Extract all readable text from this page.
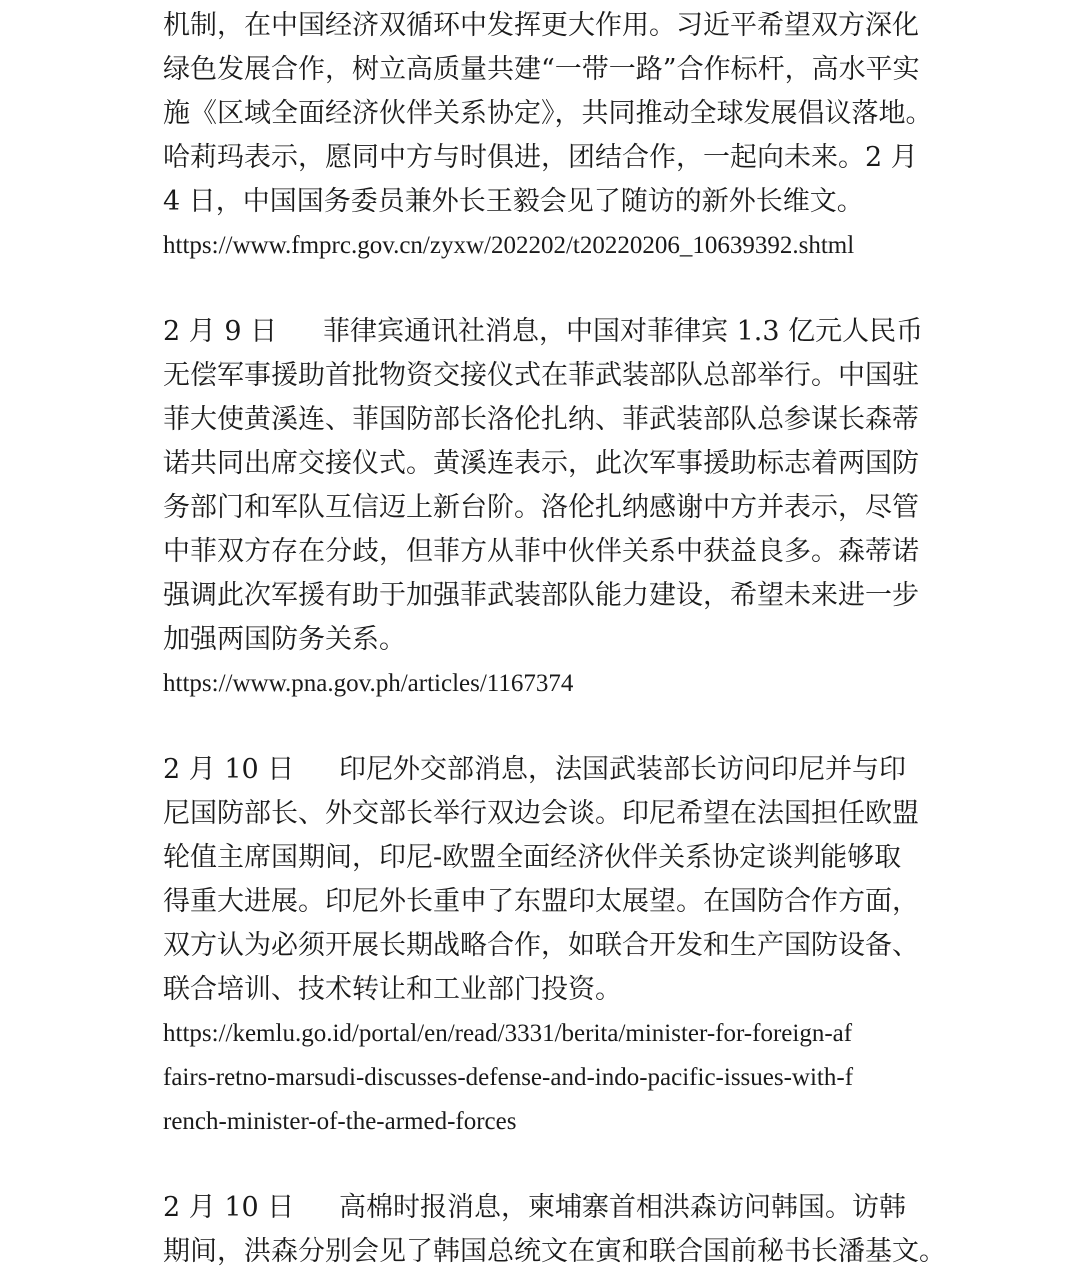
机制，在中国经济双循环中发挥更大作用。习近平希望双方深化
绿色发展合作，树立高质量共建“一带一路”合作标杆，高水平实
施《区域全面经济伙伴关系协定》，共同推动全球发展倡议落地。
哈莉玛表示，愿同中方与时俱进，团结合作，一起向未来。2 月
4 日，中国国务委员兼外长王毅会见了随访的新外长维文。
https://www.fmprc.gov.cn/zyxw/202202/t20220206_10639392.shtml
2 月 9 日 菲律宾通讯社消息，中国对菲律宾 1.3 亿元人民币
无偿军事援助首批物资交接仪式在菲武装部队总部举行。中国驻
菲大使黄溪连、菲国防部长洛伦扎纳、菲武装部队总参谋长森蒂
诺共同出席交接仪式。黄溪连表示，此次军事援助标志着两国防
务部门和军队互信迈上新台阶。洛伦扎纳感谢中方并表示，尽管
中菲双方存在分歧，但菲方从菲中伙伴关系中获益良多。森蒂诺
强调此次军援有助于加强菲武装部队能力建设，希望未来进一步
加强两国防务关系。
https://www.pna.gov.ph/articles/1167374
2 月 10 日 印尼外交部消息，法国武装部长访问印尼并与印
尼国防部长、外交部长举行双边会谈。印尼希望在法国担任欧盟
轮值主席国期间，印尼-欧盟全面经济伙伴关系协定谈判能够取
得重大进展。印尼外长重申了东盟印太展望。在国防合作方面，
双方认为必须开展长期战略合作，如联合开发和生产国防设备、
联合培训、技术转让和工业部门投资。
https://kemlu.go.id/portal/en/read/3331/berita/minister-for-foreign-af
fairs-retno-marsudi-discusses-defense-and-indo-pacific-issues-with-f
rench-minister-of-the-armed-forces
2 月 10 日 高棉时报消息，柬埔寨首相洪森访问韩国。访韩
期间，洪森分别会见了韩国总统文在寅和联合国前秘书长潘基文。
